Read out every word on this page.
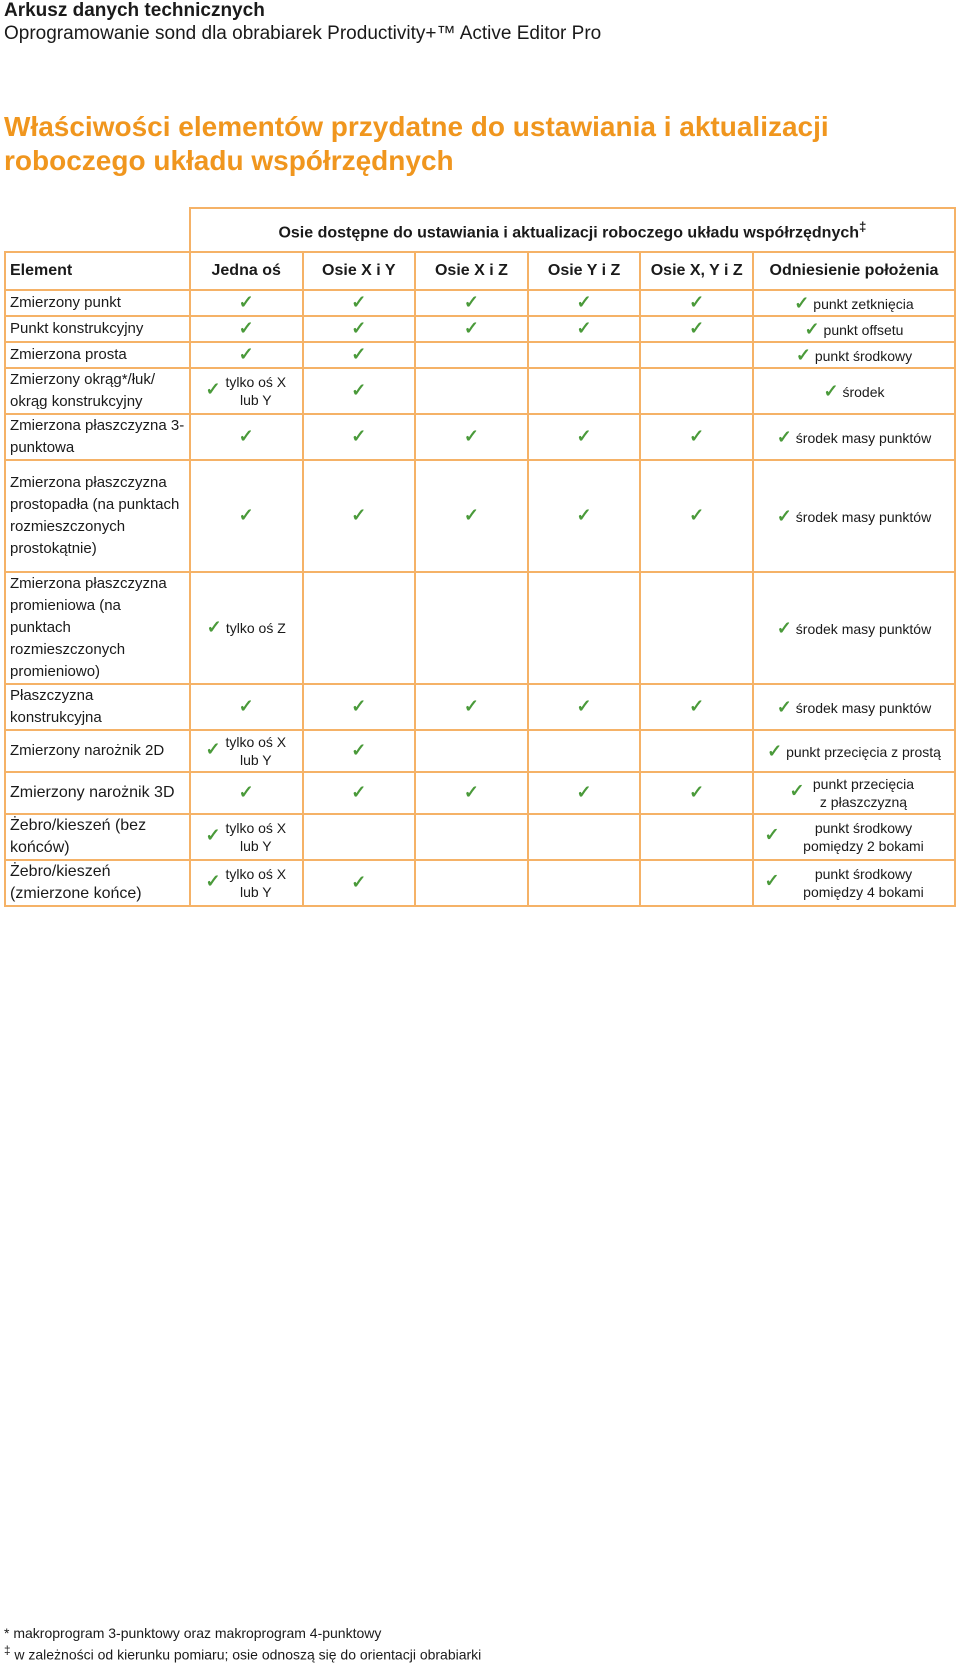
Arkusz danych technicznych

Oprogramowanie sond dla obrabiarek Productivity+™ Active Editor Pro

Właściwości elementów przydatne do ustawiania i aktualizacji roboczego układu współrzędnych
	Osie dostępne do ustawiania i aktualizacji roboczego układu współrzędnych‡
Element	Jedna oś	Osie X i Y	Osie X i Z	Osie Y i Z	Osie X, Y i Z	Odniesienie położenia
Zmierzony punkt	✓	✓	✓	✓	✓	✓ punkt zetknięcia
Punkt konstrukcyjny	✓	✓	✓	✓	✓	✓ punkt offsetu
Zmierzona prosta	✓	✓				✓ punkt środkowy
Zmierzony okrąg*/łuk/ okrąg konstrukcyjny	✓ tylko oś X lub Y	✓				✓ środek
Zmierzona płaszczyzna 3-punktowa	✓	✓	✓	✓	✓	✓ środek masy punktów
Zmierzona płaszczyzna prostopadła (na punktach rozmieszczonych prostokątnie)	✓	✓	✓	✓	✓	✓ środek masy punktów
Zmierzona płaszczyzna promieniowa (na punktach rozmieszczonych promieniowo)	✓ tylko oś Z					✓ środek masy punktów
Płaszczyzna konstrukcyjna	✓	✓	✓	✓	✓	✓ środek masy punktów
Zmierzony narożnik 2D	✓ tylko oś X lub Y	✓				✓ punkt przecięcia z prostą
Zmierzony narożnik 3D	✓	✓	✓	✓	✓	✓ punkt przecięcia z płaszczyzną
Żebro/kieszeń (bez końców)	✓ tylko oś X lub Y					✓ punkt środkowy pomiędzy 2 bokami
Żebro/kieszeń (zmierzone końce)	✓ tylko oś X lub Y	✓				✓ punkt środkowy pomiędzy 4 bokami

* makroprogram 3-punktowy oraz makroprogram 4-punktowy

‡ w zależności od kierunku pomiaru; osie odnoszą się do orientacji obrabiarki
